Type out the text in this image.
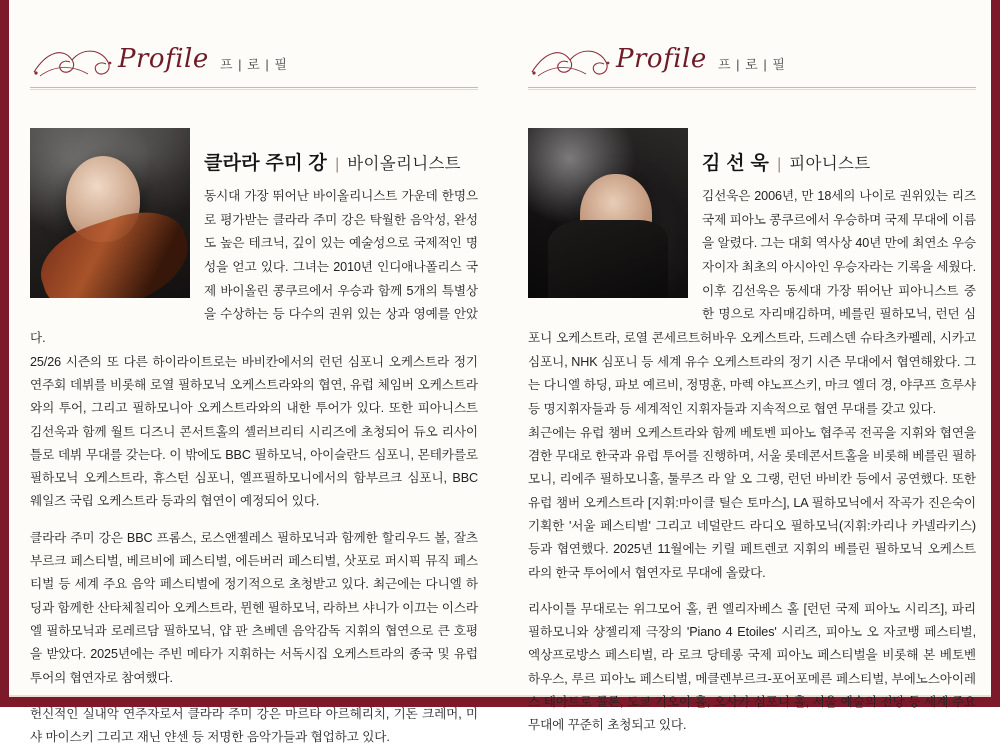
Profile 프 | 로 | 필
클라라 주미 강 | 바이올리니스트

동시대 가장 뛰어난 바이올리니스트 가운데 한명으로 평가받는 클라라 주미 강은 탁월한 음악성, 완성도 높은 테크닉, 깊이 있는 예술성으로 국제적인 명성을 얻고 있다. 그녀는 2010년 인디애나폴리스 국제 바이올린 콩쿠르에서 우승과 함께 5개의 특별상을 수상하는 등 다수의 권위 있는 상과 영예를 안았다.

25/26 시즌의 또 다른 하이라이트로는 바비칸에서의 런던 심포니 오케스트라 정기 연주회 데뷔를 비롯해 로열 필하모닉 오케스트라와의 협연, 유럽 체임버 오케스트라와의 투어, 그리고 필하모니아 오케스트라와의 내한 투어가 있다. 또한 피아니스트 김선욱과 함께 월트 디즈니 콘서트홀의 셸러브리티 시리즈에 초청되어 듀오 리사이틀로 데뷔 무대를 갖는다. 이 밖에도 BBC 필하모닉, 아이슬란드 심포니, 몬테카를로 필하모닉 오케스트라, 휴스턴 심포니, 엘프필하모니에서의 함부르크 심포니, BBC 웨일즈 국립 오케스트라 등과의 협연이 예정되어 있다.

클라라 주미 강은 BBC 프롬스, 로스앤젤레스 필하모닉과 함께한 할리우드 볼, 잘츠부르크 페스티벌, 베르비에 페스티벌, 에든버러 페스티벌, 삿포로 퍼시픽 뮤직 페스티벌 등 세계 주요 음악 페스티벌에 정기적으로 초청받고 있다. 최근에는 다니엘 하딩과 함께한 산타체칠리아 오케스트라, 뮌헨 필하모닉, 라하브 샤니가 이끄는 이스라엘 필하모닉과 로레르담 필하모닉, 얍 판 츠베덴 음악감독 지휘의 협연으로 큰 호평을 받았다. 2025년에는 주빈 메타가 지휘하는 서독시집 오케스트라의 종국 및 유럽 투어의 협연자로 참여했다.

헌신적인 실내악 연주자로서 클라라 주미 강은 마르타 아르헤리치, 기돈 크레머, 미샤 마이스키 그리고 재닌 얀센 등 저명한 음악가들과 협업하고 있다.

Profile 프 | 로 | 필
김 선 욱 | 피아니스트

김선욱은 2006년, 만 18세의 나이로 권위있는 리즈 국제 피아노 콩쿠르에서 우승하며 국제 무대에 이름을 알렸다. 그는 대회 역사상 40년 만에 최연소 우승자이자 최초의 아시아인 우승자라는 기록을 세웠다. 이후 김선욱은 동세대 가장 뛰어난 피아니스트 중 한 명으로 자리매김하며, 베를린 필하모닉, 런던 심포니 오케스트라, 로열 콘세르트허바우 오케스트라, 드레스덴 슈타츠카펠레, 시카고 심포니, NHK 심포니 등 세계 유수 오케스트라의 정기 시즌 무대에서 협연해왔다. 그는 다니엘 하딩, 파보 예르비, 정명훈, 마렉 야노프스키, 마크 엘더 경, 야쿠프 흐루샤 등 명지휘자들과 등 세계적인 지휘자들과 지속적으로 협연 무대를 갖고 있다.

최근에는 유럽 챔버 오케스트라와 함께 베토벤 피아노 협주곡 전곡을 지휘와 협연을 겸한 무대로 한국과 유럽 투어를 진행하며, 서울 롯데콘서트홀을 비롯해 베를린 필하모니, 리에주 필하모니홀, 툴루즈 라 알 오 그랭, 런던 바비칸 등에서 공연했다. 또한 유럽 챔버 오케스트라 [지휘:마이클 틸슨 토마스], LA 필하모닉에서 작곡가 진은숙이 기획한 '서울 페스티벌' 그리고 네덜란드 라디오 필하모닉(지휘:카리나 카넬라키스) 등과 협연했다. 2025년 11월에는 키릴 페트렌코 지휘의 베를린 필하모닉 오케스트라의 한국 투어에서 협연자로 무대에 올랐다.

리사이틀 무대로는 위그모어 홀, 퀸 엘리자베스 홀 [런던 국제 피아노 시리즈], 파리 필하모니와 샹젤리제 극장의 'Piano 4 Etoiles' 시리즈, 피아노 오 자코뱅 페스티벌, 엑상프로방스 페스티벌, 라 로크 당테롱 국제 피아노 페스티벌을 비롯해 본 베토벤 하우스, 루르 피아노 페스티벌, 메클렌부르크-포어포메른 페스티벌, 부에노스아이레스 테아트로 콜론, 도쿄 기오이 홀, 오사카 심포니 홀, 서울 예술의 전당 등 세계 주요 무대에 꾸준히 초청되고 있다.
